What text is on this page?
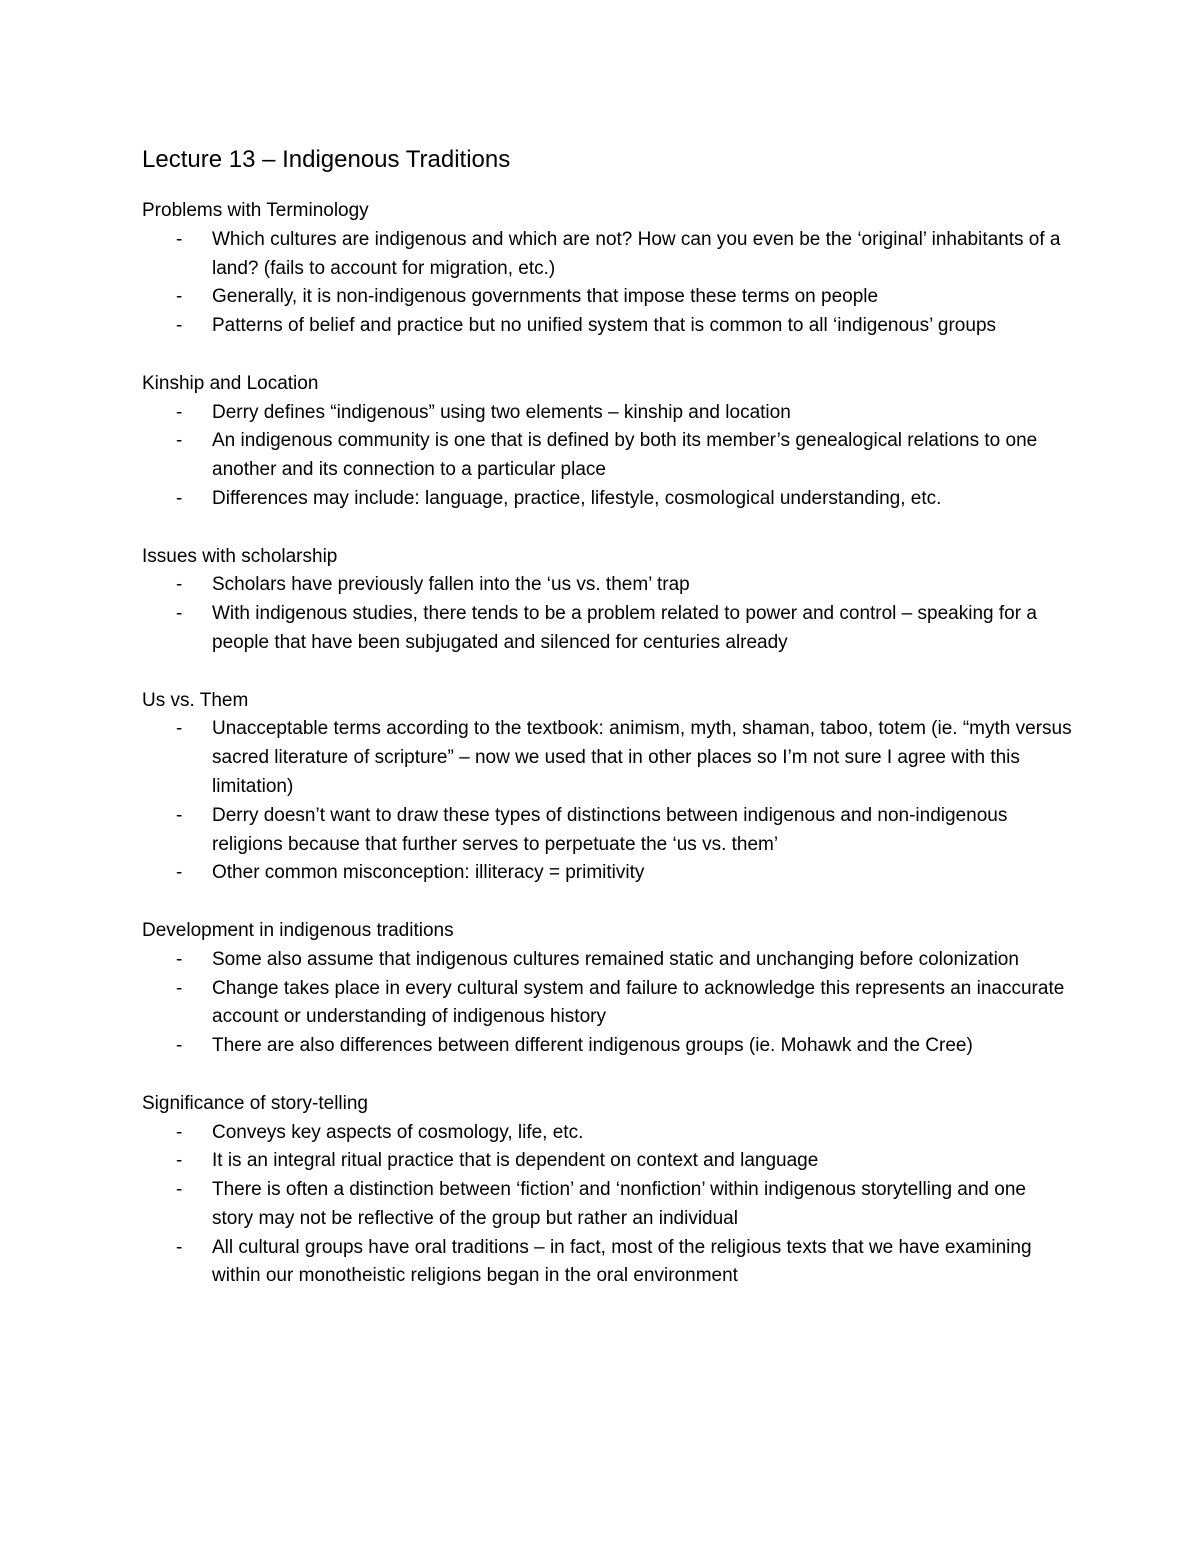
Lecture 13 – Indigenous Traditions
Problems with Terminology
- Which cultures are indigenous and which are not? How can you even be the ‘original’ inhabitants of a land? (fails to account for migration, etc.)
- Generally, it is non-indigenous governments that impose these terms on people
- Patterns of belief and practice but no unified system that is common to all ‘indigenous’ groups
Kinship and Location
- Derry defines “indigenous” using two elements – kinship and location
- An indigenous community is one that is defined by both its member’s genealogical relations to one another and its connection to a particular place
- Differences may include: language, practice, lifestyle, cosmological understanding, etc.
Issues with scholarship
- Scholars have previously fallen into the ‘us vs. them’ trap
- With indigenous studies, there tends to be a problem related to power and control – speaking for a people that have been subjugated and silenced for centuries already
Us vs. Them
- Unacceptable terms according to the textbook: animism, myth, shaman, taboo, totem (ie. “myth versus sacred literature of scripture” – now we used that in other places so I’m not sure I agree with this limitation)
- Derry doesn’t want to draw these types of distinctions between indigenous and non-indigenous religions because that further serves to perpetuate the ‘us vs. them’
- Other common misconception: illiteracy = primitivity
Development in indigenous traditions
- Some also assume that indigenous cultures remained static and unchanging before colonization
- Change takes place in every cultural system and failure to acknowledge this represents an inaccurate account or understanding of indigenous history
- There are also differences between different indigenous groups (ie. Mohawk and the Cree)
Significance of story-telling
- Conveys key aspects of cosmology, life, etc.
- It is an integral ritual practice that is dependent on context and language
- There is often a distinction between ‘fiction’ and ‘nonfiction’ within indigenous storytelling and one story may not be reflective of the group but rather an individual
- All cultural groups have oral traditions – in fact, most of the religious texts that we have examining within our monotheistic religions began in the oral environment
